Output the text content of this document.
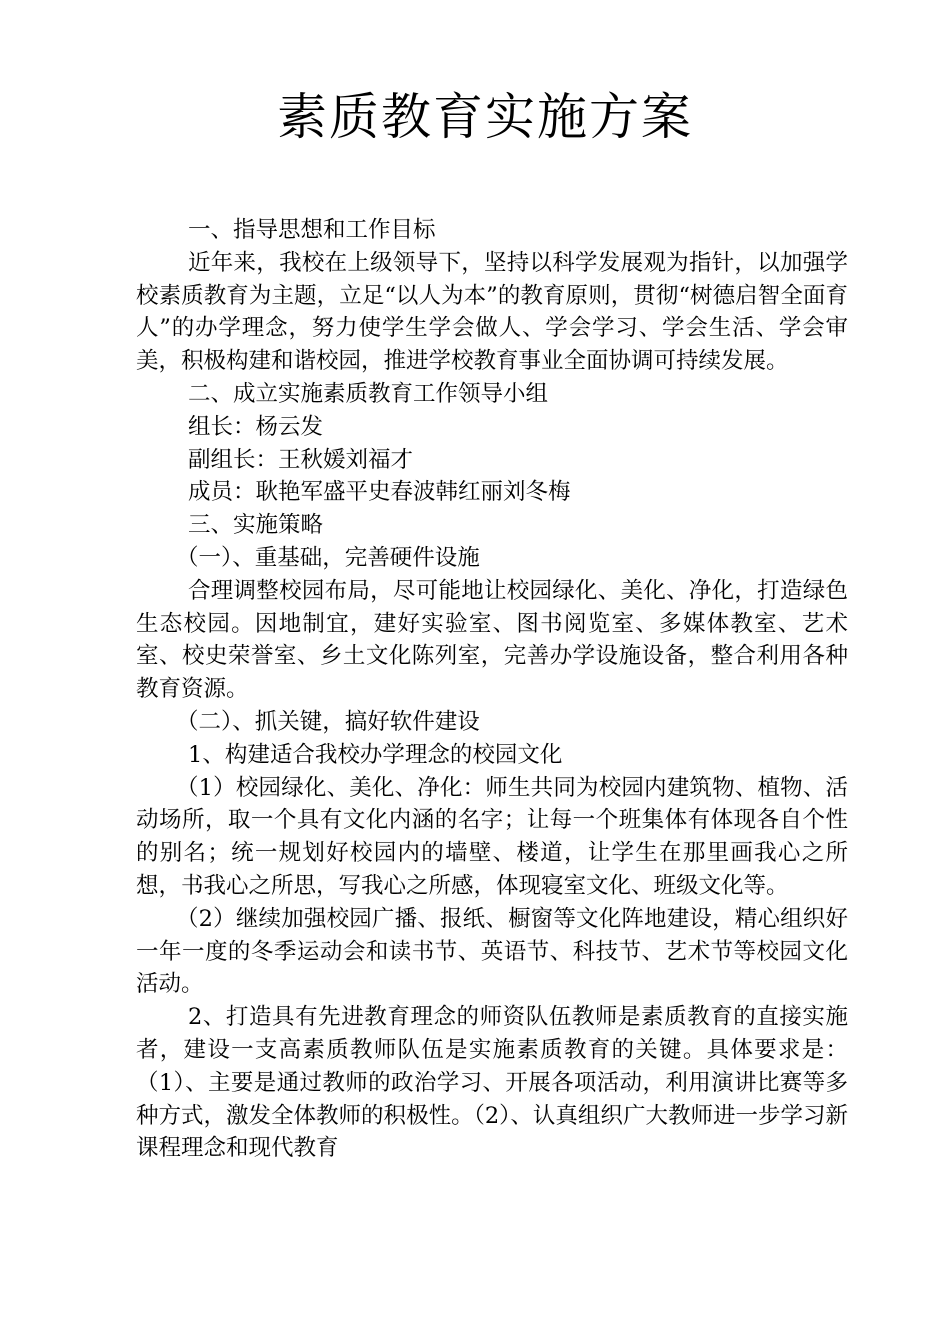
素质教育实施方案

一、指导思想和工作目标

近年来，我校在上级领导下，坚持以科学发展观为指针，以加强学校素质教育为主题，立足“以人为本”的教育原则，贯彻“树德启智全面育人”的办学理念，努力使学生学会做人、学会学习、学会生活、学会审美，积极构建和谐校园，推进学校教育事业全面协调可持续发展。

二、成立实施素质教育工作领导小组

组长：杨云发

副组长：王秋媛刘福才

成员：耿艳军盛平史春波韩红丽刘冬梅

三、实施策略

（一）、重基础，完善硬件设施

合理调整校园布局，尽可能地让校园绿化、美化、净化，打造绿色生态校园。因地制宜，建好实验室、图书阅览室、多媒体教室、艺术室、校史荣誉室、乡土文化陈列室，完善办学设施设备，整合利用各种教育资源。

（二）、抓关键，搞好软件建设

1、构建适合我校办学理念的校园文化

（1）校园绿化、美化、净化：师生共同为校园内建筑物、植物、活动场所，取一个具有文化内涵的名字；让每一个班集体有体现各自个性的别名；统一规划好校园内的墙壁、楼道，让学生在那里画我心之所想，书我心之所思，写我心之所感，体现寝室文化、班级文化等。

（2）继续加强校园广播、报纸、橱窗等文化阵地建设，精心组织好一年一度的冬季运动会和读书节、英语节、科技节、艺术节等校园文化活动。

2、打造具有先进教育理念的师资队伍教师是素质教育的直接实施者，建设一支高素质教师队伍是实施素质教育的关键。具体要求是：（1）、主要是通过教师的政治学习、开展各项活动，利用演讲比赛等多种方式，激发全体教师的积极性。（2）、认真组织广大教师进一步学习新课程理念和现代教育
